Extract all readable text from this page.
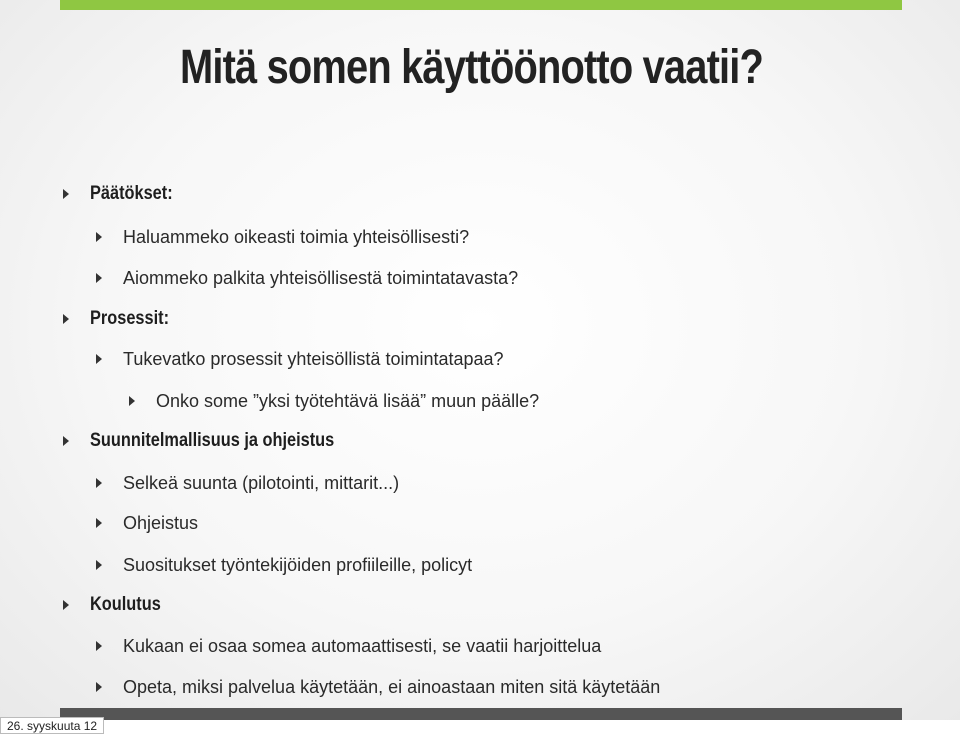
Mitä somen käyttöönotto vaatii?
Päätökset:
Haluammeko oikeasti toimia yhteisöllisesti?
Aiommeko palkita yhteisöllisestä toimintatavasta?
Prosessit:
Tukevatko prosessit yhteisöllistä toimintatapaa?
Onko some ”yksi työtehtävä lisää” muun päälle?
Suunnitelmallisuus ja ohjeistus
Selkeä suunta (pilotointi, mittarit...)
Ohjeistus
Suositukset työntekijöiden profiileille, policyt
Koulutus
Kukaan ei osaa somea automaattisesti, se vaatii harjoittelua
Opeta, miksi palvelua käytetään, ei ainoastaan miten sitä käytetään
26. syyskuuta 12
